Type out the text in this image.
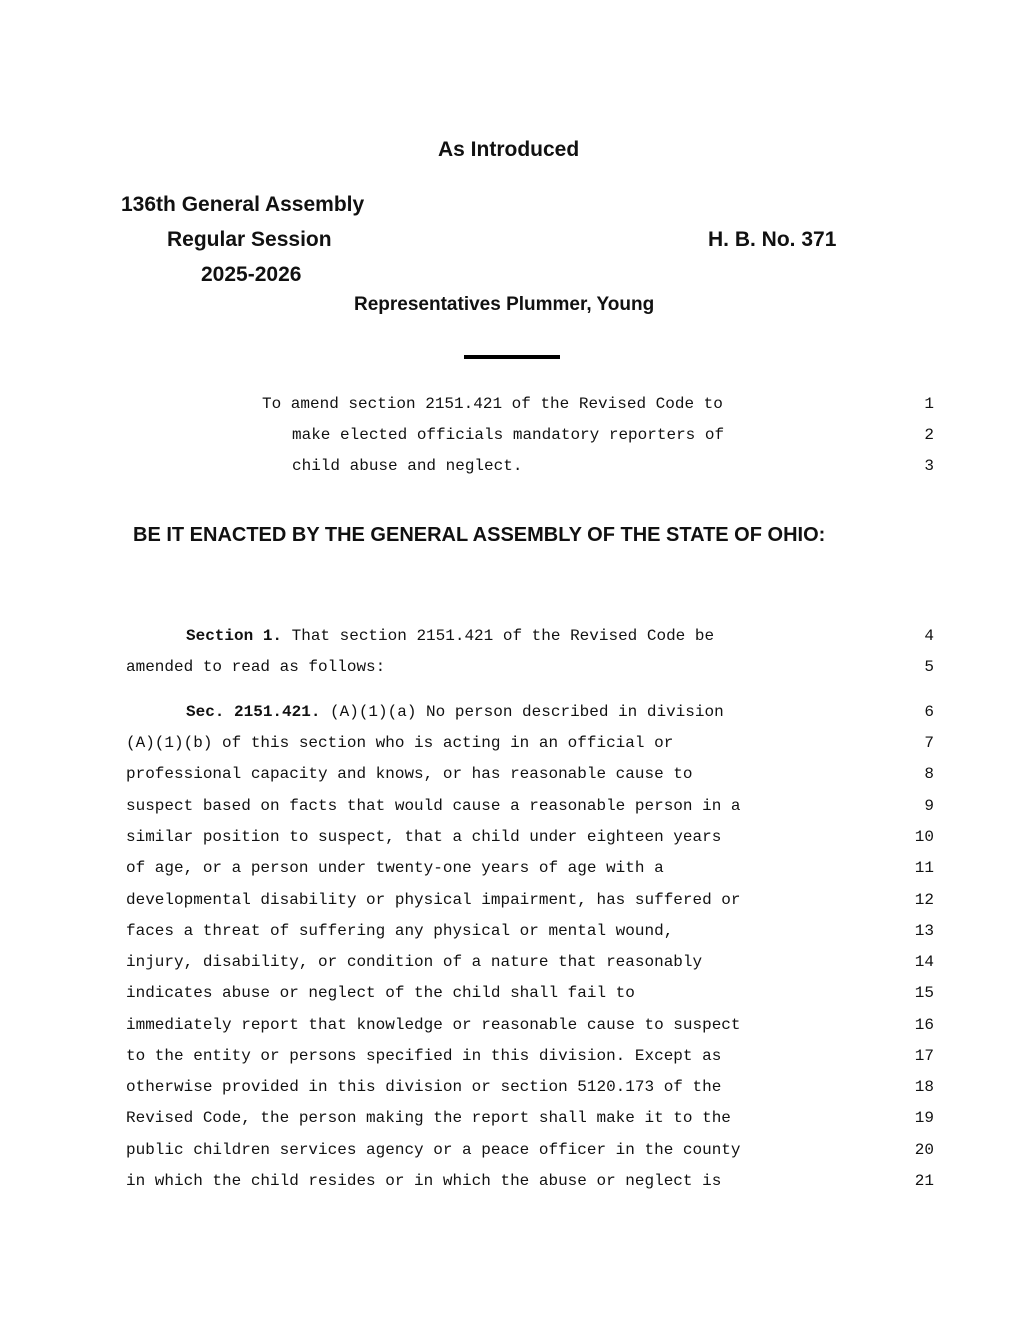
As Introduced
136th General Assembly
Regular Session	H. B. No. 371
2025-2026
Representatives Plummer, Young
To amend section 2151.421 of the Revised Code to
make elected officials mandatory reporters of
child abuse and neglect.
1
2
3
BE IT ENACTED BY THE GENERAL ASSEMBLY OF THE STATE OF OHIO:
Section 1. That section 2151.421 of the Revised Code be
amended to read as follows:
4
5
Sec. 2151.421. (A)(1)(a) No person described in division
(A)(1)(b) of this section who is acting in an official or
professional capacity and knows, or has reasonable cause to
suspect based on facts that would cause a reasonable person in a
similar position to suspect, that a child under eighteen years
of age, or a person under twenty-one years of age with a
developmental disability or physical impairment, has suffered or
faces a threat of suffering any physical or mental wound,
injury, disability, or condition of a nature that reasonably
indicates abuse or neglect of the child shall fail to
immediately report that knowledge or reasonable cause to suspect
to the entity or persons specified in this division. Except as
otherwise provided in this division or section 5120.173 of the
Revised Code, the person making the report shall make it to the
public children services agency or a peace officer in the county
in which the child resides or in which the abuse or neglect is
6
7
8
9
10
11
12
13
14
15
16
17
18
19
20
21
